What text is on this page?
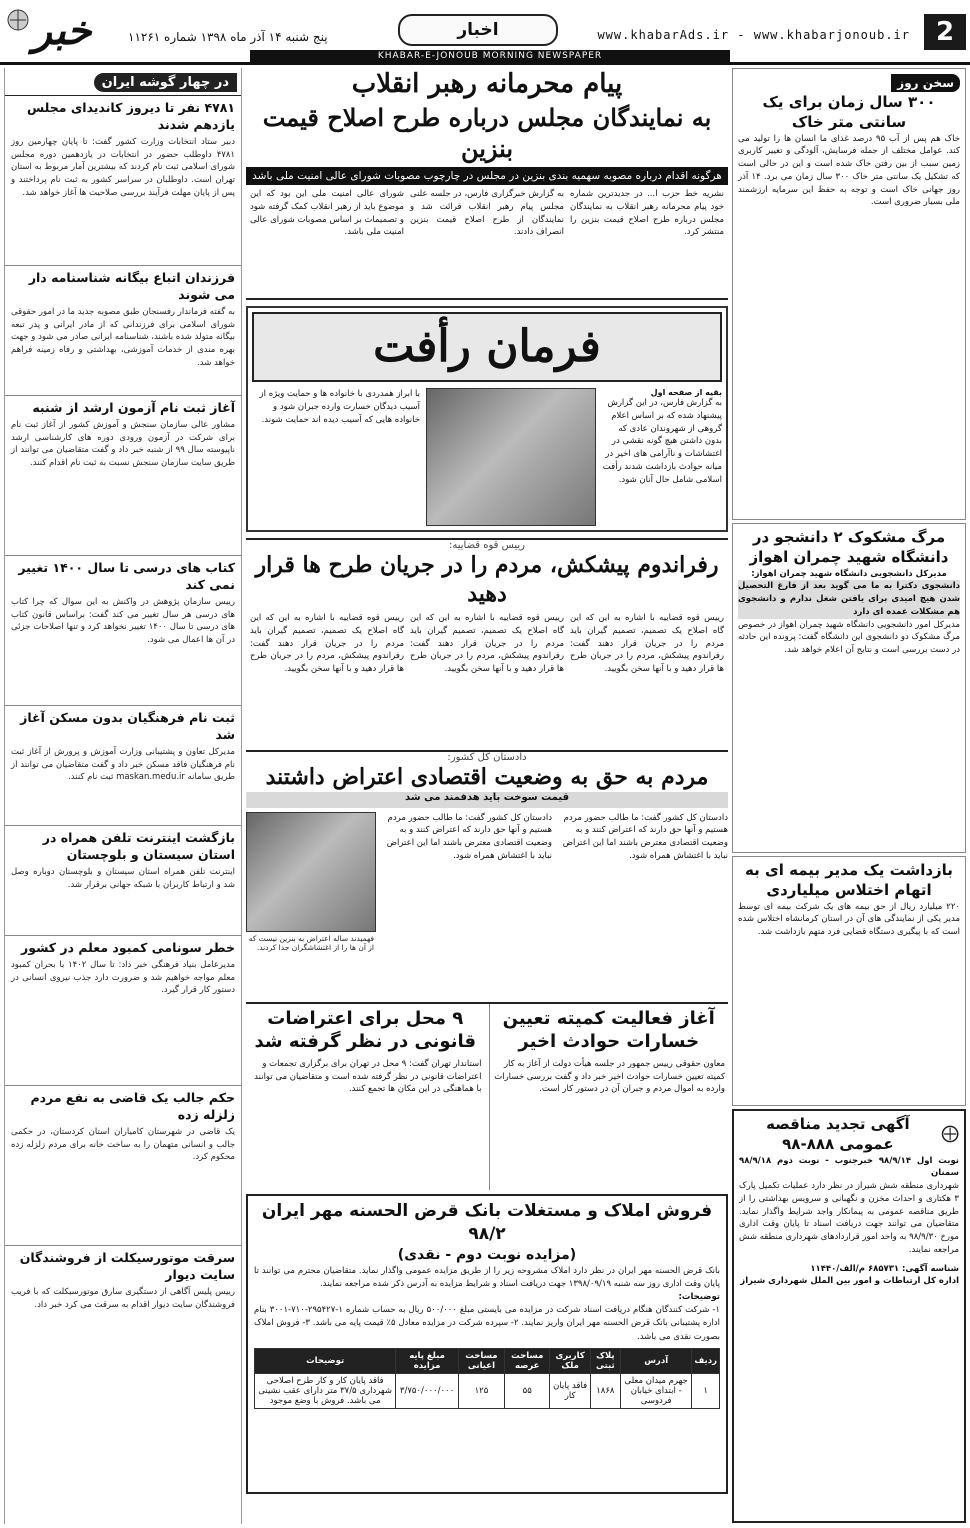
2
www.khabarAds.ir - www.khabarjonoub.ir
اخبار
پنج شنبه ۱۴ آذر ماه ۱۳۹۸ شماره ۱۱۲۶۱
خبر
KHABAR-E-JONOUB MORNING NEWSPAPER
در چهار گوشه ایران
۴۷۸۱ نفر تا دیروز کاندیدای مجلس یازدهم شدند

دبیر ستاد انتخابات وزارت کشور گفت: تا پایان چهارمین روز ۴۷۸۱ داوطلب حضور در انتخابات در یازدهمین دوره مجلس شورای اسلامی ثبت نام کردند که بیشترین آمار مربوط به استان تهران است. داوطلبان در سراسر کشور به ثبت نام پرداختند و پس از پایان مهلت فرآیند بررسی صلاحیت ها آغاز خواهد شد.

فرزندان اتباع بیگانه شناسنامه دار می شوند

به گفته فرماندار رفسنجان طبق مصوبه جدید ما در امور حقوقی شورای اسلامی برای فرزندانی که از مادر ایرانی و پدر تبعه بیگانه متولد شده باشند، شناسنامه ایرانی صادر می شود و جهت بهره مندی از خدمات آموزشی، بهداشتی و رفاه زمینه فراهم خواهد شد.

آغاز ثبت نام آزمون ارشد از شنبه

مشاور عالی سازمان سنجش و آموزش کشور از آغاز ثبت نام برای شرکت در آزمون ورودی دوره های کارشناسی ارشد ناپیوسته سال ۹۹ از شنبه خبر داد و گفت متقاضیان می توانند از طریق سایت سازمان سنجش نسبت به ثبت نام اقدام کنند.

کتاب های درسی تا سال ۱۴۰۰ تغییر نمی کند

رییس سازمان پژوهش در واکنش به این سوال که چرا کتاب های درسی هر سال تغییر می کند گفت: براساس قانون کتاب های درسی تا سال ۱۴۰۰ تغییر نخواهد کرد و تنها اصلاحات جزئی در آن ها اعمال می شود.

ثبت نام فرهنگیان بدون مسکن آغاز شد

مدیرکل تعاون و پشتیبانی وزارت آموزش و پرورش از آغاز ثبت نام فرهنگیان فاقد مسکن خبر داد و گفت متقاضیان می توانند از طریق سامانه maskan.medu.ir ثبت نام کنند.

بازگشت اینترنت تلفن همراه در استان سیستان و بلوچستان

اینترنت تلفن همراه استان سیستان و بلوچستان دوباره وصل شد و ارتباط کاربران با شبکه جهانی برقرار شد.

خطر سونامی کمبود معلم در کشور

مدیرعامل بنیاد فرهنگی خبر داد: تا سال ۱۴۰۲ با بحران کمبود معلم مواجه خواهیم شد و ضرورت دارد جذب نیروی انسانی در دستور کار قرار گیرد.

حکم جالب یک قاضی به نفع مردم زلزله زده

یک قاضی در شهرستان کامیاران استان کردستان، در حکمی جالب و انسانی متهمان را به ساخت خانه برای مردم زلزله زده محکوم کرد.

سرقت موتورسیکلت از فروشندگان سایت دیوار

رییس پلیس آگاهی از دستگیری سارق موتورسیکلت که با فریب فروشندگان سایت دیوار اقدام به سرقت می کرد خبر داد.

پیام محرمانه رهبر انقلاب
به نمایندگان مجلس درباره طرح اصلاح قیمت بنزین
هرگونه اقدام درباره مصوبه سهمیه بندی بنزین در مجلس در چارچوب مصوبات شورای عالی امنیت ملی باشد

نشریه خط حزب ا... در جدیدترین شماره خود پیام محرمانه رهبر انقلاب به نمایندگان مجلس درباره طرح اصلاح قیمت بنزین را منتشر کرد.

به گزارش خبرگزاری فارس، در جلسه علنی مجلس پیام رهبر انقلاب قرائت شد و نمایندگان از طرح اصلاح قیمت بنزین انصراف دادند.

شورای عالی امنیت ملی این بود که این موضوع باید از رهبر انقلاب کمک گرفته شود و تصمیمات بر اساس مصوبات شورای عالی امنیت ملی باشد.

فرمان رأفت
بقیه از صفحه اول

به گزارش فارس، در این گزارش پیشنهاد شده که بر اساس اعلام گروهی از شهروندان عادی که بدون داشتن هیچ گونه نقشی در اغتشاشات و ناآرامی های اخیر در میانه حوادث بازداشت شدند رأفت اسلامی شامل حال آنان شود.

با ابراز همدردی با خانواده ها و حمایت ویژه از آسیب دیدگان خسارت وارده جبران شود و خانواده هایی که آسیب دیده اند حمایت شوند.

رییس قوه قضاییه:
رفراندوم پیشکش، مردم را در جریان طرح ها قرار دهید

رییس قوه قضاییه با اشاره به این که این گاه اصلاح یک تصمیم، تصمیم گیران باید مردم را در جریان قرار دهند گفت: رفراندوم پیشکش، مردم را در جریان طرح ها قرار دهید و با آنها سخن بگویید.

رییس قوه قضاییه با اشاره به این که این گاه اصلاح یک تصمیم، تصمیم گیران باید مردم را در جریان قرار دهند گفت: رفراندوم پیشکش، مردم را در جریان طرح ها قرار دهید و با آنها سخن بگویید.

رییس قوه قضاییه با اشاره به این که این گاه اصلاح یک تصمیم، تصمیم گیران باید مردم را در جریان قرار دهند گفت: رفراندوم پیشکش، مردم را در جریان طرح ها قرار دهید و با آنها سخن بگویید.

دادستان کل کشور:
مردم به حق به وضعیت اقتصادی اعتراض داشتند
قیمت سوخت باید هدفمند می شد

دادستان کل کشور گفت: ما طالب حضور مردم هستیم و آنها حق دارند که اعتراض کنند و به وضعیت اقتصادی معترض باشند اما این اعتراض نباید با اغتشاش همراه شود.

دادستان کل کشور گفت: ما طالب حضور مردم هستیم و آنها حق دارند که اعتراض کنند و به وضعیت اقتصادی معترض باشند اما این اعتراض نباید با اغتشاش همراه شود.

فهمیدند ساله اعتراض به بنزین نیست که از آن ها را از اغتشاشگران جدا کردند.
آغاز فعالیت کمیته تعیین خسارات حوادث اخیر

معاون حقوقی رییس جمهور در جلسه هیأت دولت از آغاز به کار کمیته تعیین خسارات حوادث اخیر خبر داد و گفت بررسی خسارات وارده به اموال مردم و جبران آن در دستور کار است.

۹ محل برای اعتراضات قانونی در نظر گرفته شد

استاندار تهران گفت: ۹ محل در تهران برای برگزاری تجمعات و اعتراضات قانونی در نظر گرفته شده است و متقاضیان می توانند با هماهنگی در این مکان ها تجمع کنند.

فروش املاک و مستغلات بانک قرض الحسنه مهر ایران ۹۸/۲
(مزایده نوبت دوم - نقدی)

بانک قرض الحسنه مهر ایران در نظر دارد املاک مشروحه زیر را از طریق مزایده عمومی واگذار نماید. متقاضیان محترم می توانند تا پایان وقت اداری روز سه شنبه ۱۳۹۸/۰۹/۱۹ جهت دریافت اسناد و شرایط مزایده به آدرس ذکر شده مراجعه نمایند.

توضیحات:

۱- شرکت کنندگان هنگام دریافت اسناد شرکت در مزایده می بایستی مبلغ ۵۰۰/۰۰۰ ریال به حساب شماره ۱-۲۹۵۴۲۷-۷۱۰-۳۰۰۱ بنام اداره پشتیبانی بانک قرض الحسنه مهر ایران واریز نمایند. ۲- سپرده شرکت در مزایده معادل ۵٪ قیمت پایه می باشد. ۳- فروش املاک بصورت نقدی می باشد.

ردیف	آدرس	پلاک ثبتی	کاربری ملک	مساحت عرصه	مساحت اعیانی	مبلغ پایه مزایده	توضیحات
۱	جهرم میدان معلی - ابتدای خیابان فردوسی	۱۸۶۸	فاقد پایان کار	۵۵	۱۲۵	۳/۷۵۰/۰۰۰/۰۰۰	فاقد پایان کار و کار طرح اصلاحی شهرداری ۳۷/۵ متر دارای عقب نشینی می باشد. فروش با وضع موجود
سخن روز
۳۰۰ سال زمان برای یک سانتی متر خاک

خاک هم پس از آب ۹۵ درصد غذای ما انسان ها را تولید می کند. عوامل مختلف از جمله فرسایش، آلودگی و تغییر کاربری زمین سبب از بین رفتن خاک شده است و این در حالی است که تشکیل یک سانتی متر خاک ۳۰۰ سال زمان می برد. ۱۴ آذر روز جهانی خاک است و توجه به حفظ این سرمایه ارزشمند ملی بسیار ضروری است.

مرگ مشکوک ۲ دانشجو در دانشگاه شهید چمران اهواز

مدیرکل دانشجویی دانشگاه شهید چمران اهواز:

دانشجوی دکترا به ما می گوید بعد از فارغ التحصیل شدن هیچ امیدی برای یافتن شغل ندارم و دانشجوی هم مشکلات عمده ای دارد

مدیرکل امور دانشجویی دانشگاه شهید چمران اهواز در خصوص مرگ مشکوک دو دانشجوی این دانشگاه گفت: پرونده این حادثه در دست بررسی است و نتایج آن اعلام خواهد شد.

بازداشت یک مدیر بیمه ای به اتهام اختلاس میلیاردی

۲۲۰ میلیارد ریال از حق بیمه های یک شرکت بیمه ای توسط مدیر یکی از نمایندگی های آن در استان کرمانشاه اختلاس شده است که با پیگیری دستگاه قضایی فرد متهم بازداشت شد.

آگهی تجدید مناقصه عمومی ۸۸۸-۹۸

نوبت اول ۹۸/۹/۱۴ خبرجنوب - نوبت دوم ۹۸/۹/۱۸ سمنان

شهرداری منطقه شش شیراز در نظر دارد عملیات تکمیل پارک ۳ هکتاری و احداث مخزن و نگهبانی و سرویس بهداشتی را از طریق مناقصه عمومی به پیمانکار واجد شرایط واگذار نماید. متقاضیان می توانند جهت دریافت اسناد تا پایان وقت اداری مورخ ۹۸/۹/۳۰ به واحد امور قراردادهای شهرداری منطقه شش مراجعه نمایند.

شناسه آگهی: ۶۸۵۷۳۱ م/الف/۱۱۴۴۰

اداره کل ارتباطات و امور بین الملل شهرداری شیراز
